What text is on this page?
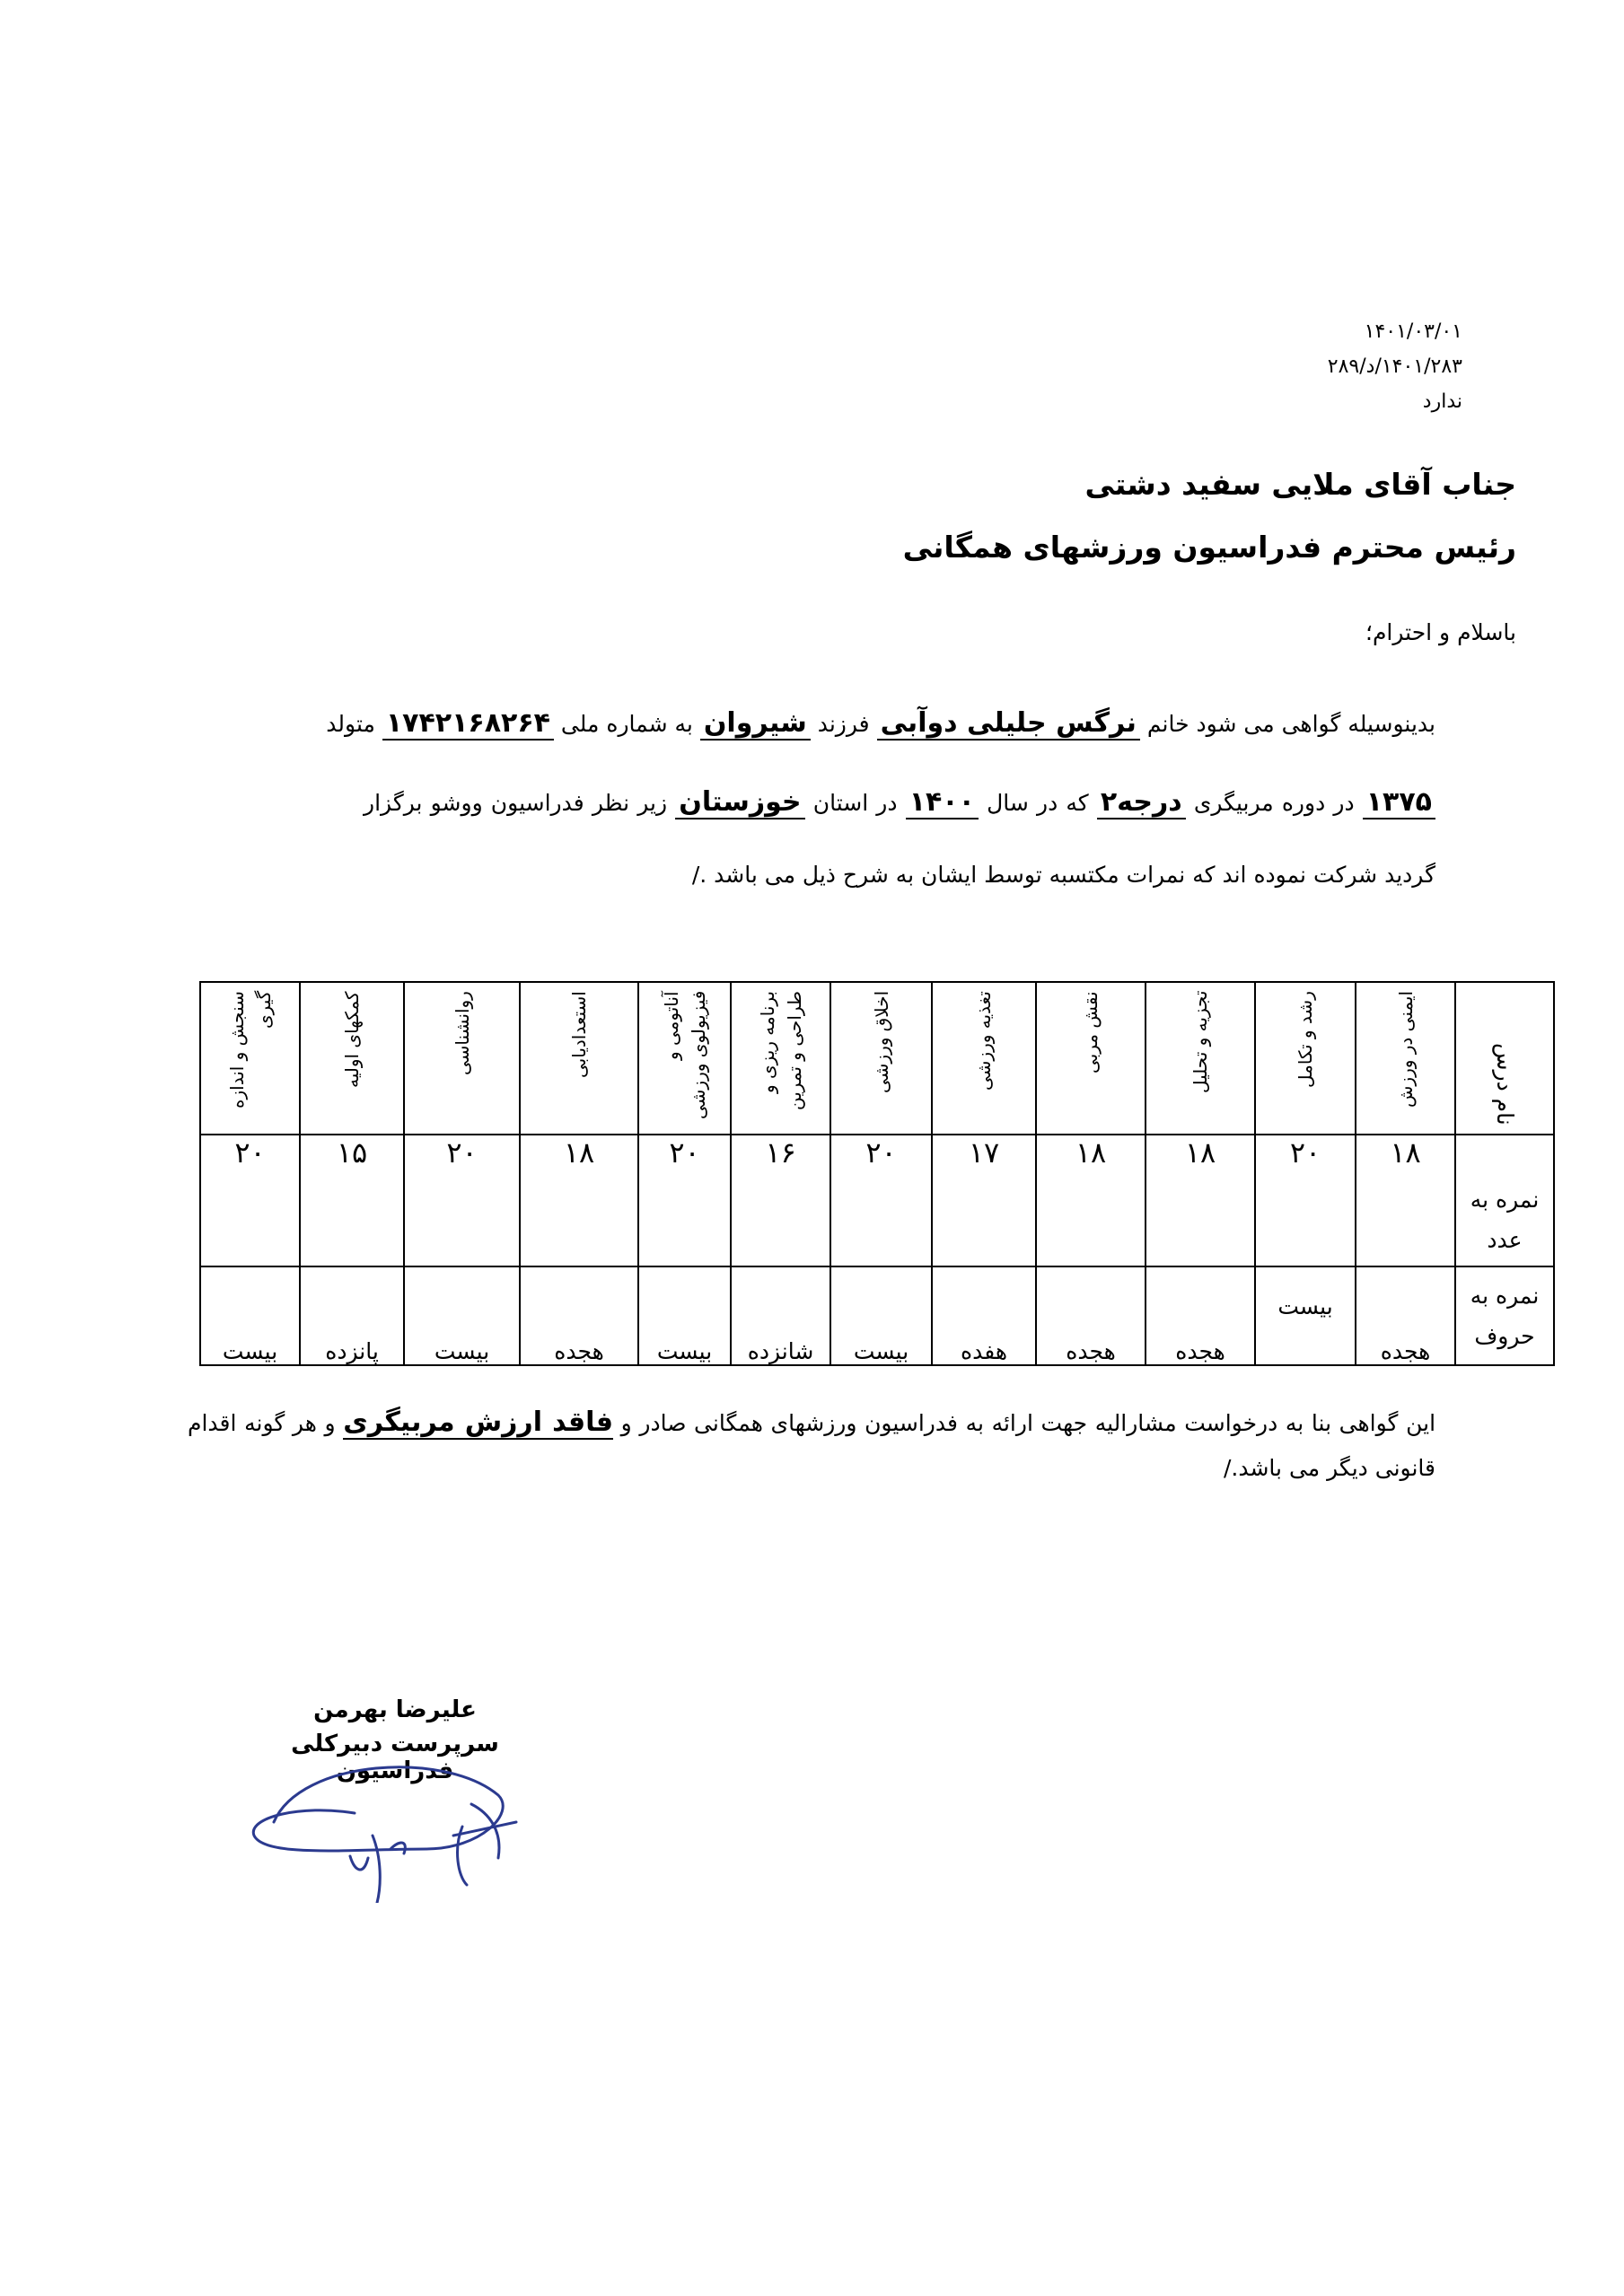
۱۴۰۱/۰۳/۰۱
۱۴۰۱/۲۸۳/د/۲۸۹
ندارد
جناب آقای ملایی سفید دشتی
رئیس محترم فدراسیون ورزشهای همگانی
باسلام و احترام؛
بدینوسیله گواهی می شود خانم نرگس جلیلی دوآبی فرزند شیروان به شماره ملی ۱۷۴۲۱۶۸۲۶۴ متولد
۱۳۷۵ در دوره مربیگری درجه۲ که در سال ۱۴۰۰ در استان خوزستان زیر نظر فدراسیون ووشو برگزار
گردید شرکت نموده اند که نمرات مکتسبه توسط ایشان به شرح ذیل می باشد ./
نام درس	ایمنی در ورزش	رشد و تکامل	تجزیه و تحلیل	نقش مربی	تغذیه ورزشی	اخلاق ورزشی	برنامه ریزی و طراحی و تمرین	آناتومی و فیزیولوی ورزشی	استعدادیابی	روانشناسی	کمکهای اولیه	سنجش و اندازه گیری

نمره به عدد	۱۸	۲۰	۱۸	۱۸	۱۷	۲۰	۱۶	۲۰	۱۸	۲۰	۱۵	۲۰
نمره به حروف	هجده	بیست	هجده	هجده	هفده	بیست	شانزده	بیست	هجده	بیست	پانزده	بیست
این گواهی بنا به درخواست مشارالیه جهت ارائه به فدراسیون ورزشهای همگانی صادر و فاقد ارزش مربیگری و هر گونه اقدام قانونی دیگر می باشد./
علیرضا بهرمن
سرپرست دبیرکلی فدراسیون
